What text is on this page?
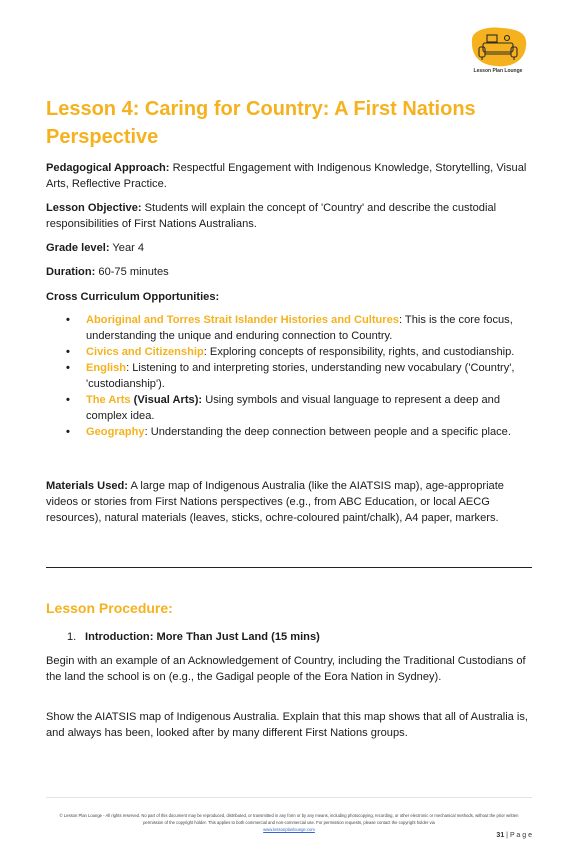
Lesson Plan Lounge
Lesson 4: Caring for Country: A First Nations Perspective

Pedagogical Approach: Respectful Engagement with Indigenous Knowledge, Storytelling, Visual Arts, Reflective Practice.

Lesson Objective: Students will explain the concept of 'Country' and describe the custodial responsibilities of First Nations Australians.

Grade level: Year 4

Duration: 60-75 minutes

Cross Curriculum Opportunities:

• Aboriginal and Torres Strait Islander Histories and Cultures: This is the core focus, understanding the unique and enduring connection to Country.
• Civics and Citizenship: Exploring concepts of responsibility, rights, and custodianship.
• English: Listening to and interpreting stories, understanding new vocabulary ('Country', 'custodianship').
• The Arts (Visual Arts): Using symbols and visual language to represent a deep and complex idea.
• Geography: Understanding the deep connection between people and a specific place.

Materials Used: A large map of Indigenous Australia (like the AIATSIS map), age-appropriate videos or stories from First Nations perspectives (e.g., from ABC Education, or local AECG resources), natural materials (leaves, sticks, ochre-coloured paint/chalk), A4 paper, markers.

Lesson Procedure:
1. Introduction: More Than Just Land (15 mins)

Begin with an example of an Acknowledgement of Country, including the Traditional Custodians of the land the school is on (e.g., the Gadigal people of the Eora Nation in Sydney).

Show the AIATSIS map of Indigenous Australia. Explain that this map shows that all of Australia is, and always has been, looked after by many different First Nations groups.

© Lesson Plan Lounge - All rights reserved. No part of this document may be reproduced, distributed, or transmitted in any form or by any means, including photocopying, recording, or other electronic or mechanical methods, without the prior written permission of the copyright holder. This applies to both commercial and non-commercial use. For permission requests, please contact the copyright holder via
www.lessonplanlounge.com

31 | P a g e
